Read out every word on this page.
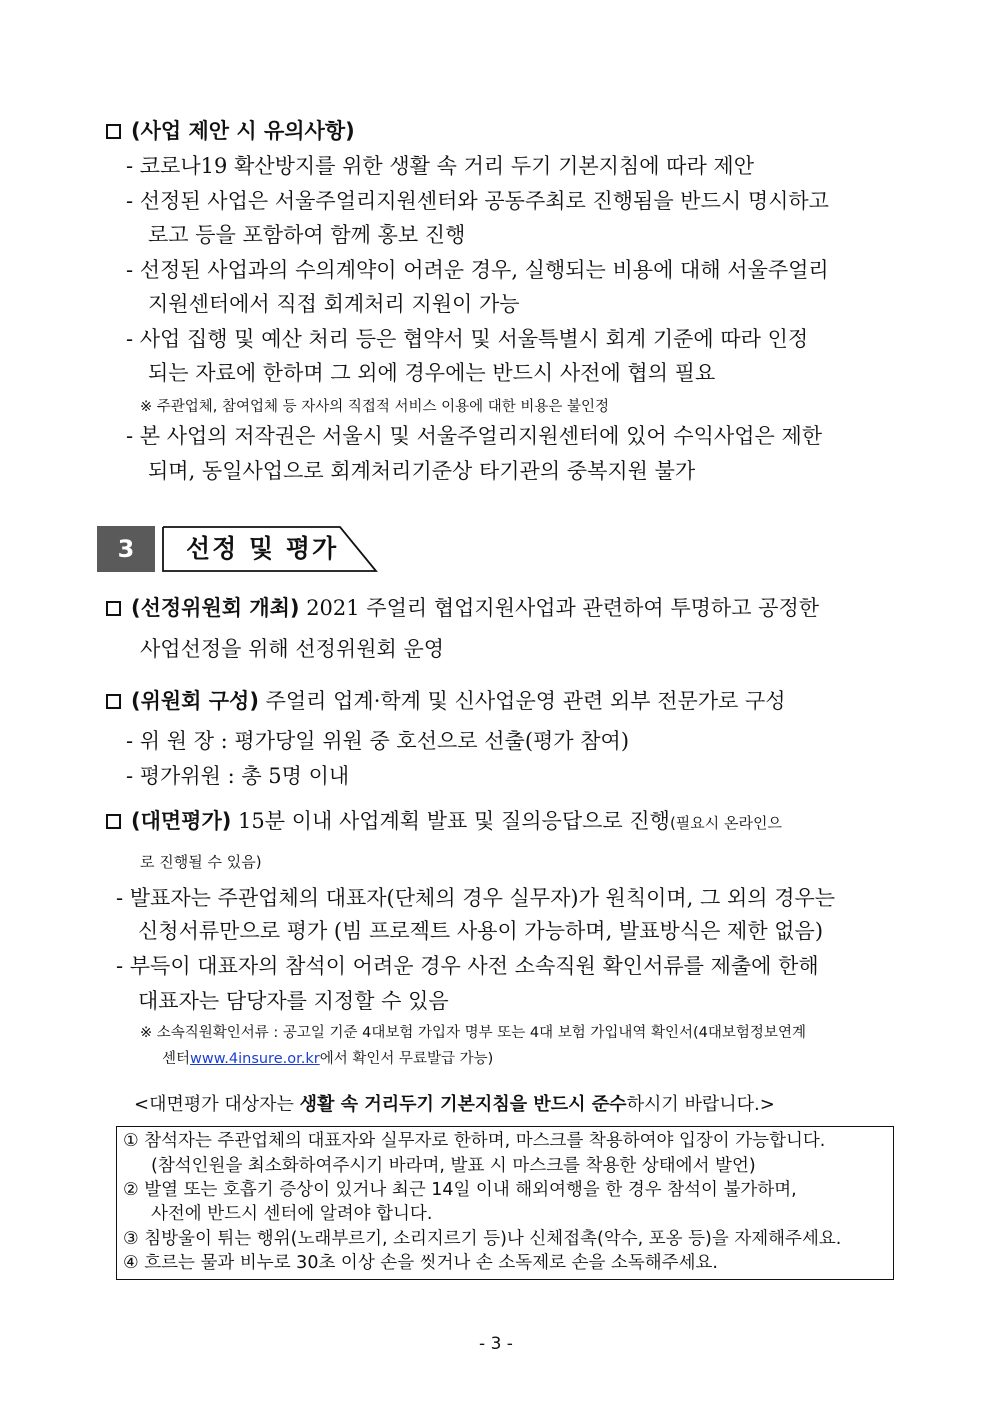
(사업 제안 시 유의사항)
- 코로나19 확산방지를 위한 생활 속 거리 두기 기본지침에 따라 제안
- 선정된 사업은 서울주얼리지원센터와 공동주최로 진행됨을 반드시 명시하고
로고 등을 포함하여 함께 홍보 진행
- 선정된 사업과의 수의계약이 어려운 경우, 실행되는 비용에 대해 서울주얼리
지원센터에서 직접 회계처리 지원이 가능
- 사업 집행 및 예산 처리 등은 협약서 및 서울특별시 회계 기준에 따라 인정
되는 자료에 한하며 그 외에 경우에는 반드시 사전에 협의 필요
※ 주관업체, 참여업체 등 자사의 직접적 서비스 이용에 대한 비용은 불인정
- 본 사업의 저작권은 서울시 및 서울주얼리지원센터에 있어 수익사업은 제한
되며, 동일사업으로 회계처리기준상 타기관의 중복지원 불가
3	선정 및 평가
(선정위원회 개최) 2021 주얼리 협업지원사업과 관련하여 투명하고 공정한
사업선정을 위해 선정위원회 운영
(위원회 구성) 주얼리 업계·학계 및 신사업운영 관련 외부 전문가로 구성
- 위 원 장 : 평가당일 위원 중 호선으로 선출(평가 참여)
- 평가위원 : 총 5명 이내
(대면평가) 15분 이내 사업계획 발표 및 질의응답으로 진행(필요시 온라인으
로 진행될 수 있음)
- 발표자는 주관업체의 대표자(단체의 경우 실무자)가 원칙이며, 그 외의 경우는
신청서류만으로 평가 (빔 프로젝트 사용이 가능하며, 발표방식은 제한 없음)
- 부득이 대표자의 참석이 어려운 경우 사전 소속직원 확인서류를 제출에 한해
대표자는 담당자를 지정할 수 있음
※ 소속직원확인서류 : 공고일 기준 4대보험 가입자 명부 또는 4대 보험 가입내역 확인서(4대보험정보연계
센터www.4insure.or.kr에서 확인서 무료발급 가능)
<대면평가 대상자는 생활 속 거리두기 기본지침을 반드시 준수하시기 바랍니다.>
① 참석자는 주관업체의 대표자와 실무자로 한하며, 마스크를 착용하여야 입장이 가능합니다.
(참석인원을 최소화하여주시기 바라며, 발표 시 마스크를 착용한 상태에서 발언)
② 발열 또는 호흡기 증상이 있거나 최근 14일 이내 해외여행을 한 경우 참석이 불가하며,
사전에 반드시 센터에 알려야 합니다.
③ 침방울이 튀는 행위(노래부르기, 소리지르기 등)나 신체접촉(악수, 포옹 등)을 자제해주세요.
④ 흐르는 물과 비누로 30초 이상 손을 씻거나 손 소독제로 손을 소독해주세요.
- 3 -
